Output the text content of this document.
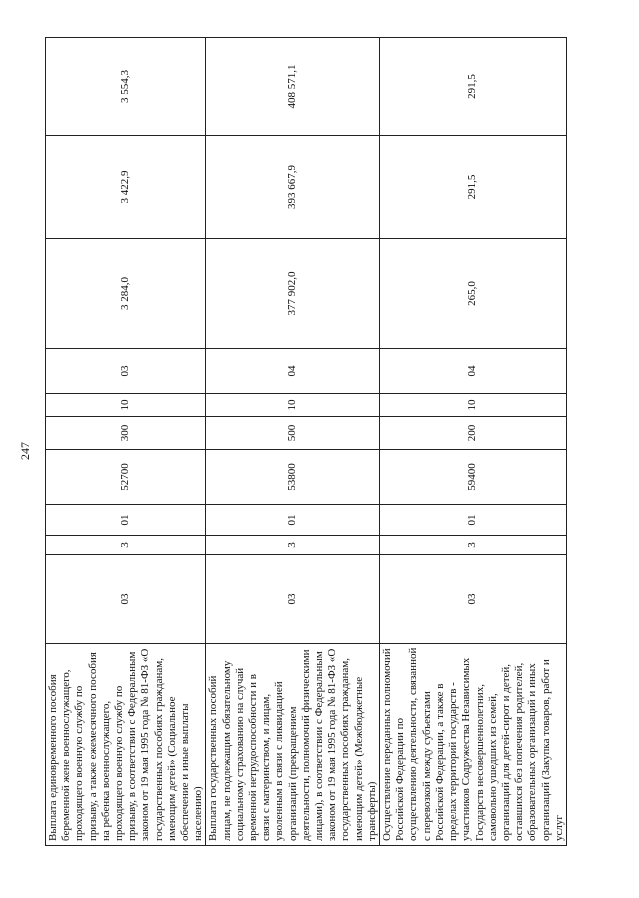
247
Выплата единовременного пособия беременной жене военнослужащего, проходящего военную службу по призыву, а также ежемесячного пособия на ребенка военнослужащего, проходящего военную службу по призыву, в соответствии с Федеральным законом от 19 мая 1995 года № 81-ФЗ «О государственных пособиях гражданам, имеющим детей» (Социальное обеспечение и иные выплаты населению)	03	3	01	52700	300	10	03	3 284,0	3 422,9	3 554,3
Выплата государственных пособий лицам, не подлежащим обязательному социальному страхованию на случай временной нетрудоспособности и в связи с материнством, и лицам, уволенным в связи с ликвидацией организаций (прекращением деятельности, полномочий физическими лицами), в соответствии с Федеральным законом от 19 мая 1995 года № 81-ФЗ «О государственных пособиях гражданам, имеющим детей» (Межбюджетные трансферты)	03	3	01	53800	500	10	04	377 902,0	393 667,9	408 571,1
Осуществление переданных полномочий Российской Федерации по осуществлению деятельности, связанной с перевозкой между субъектами Российской Федерации, а также в пределах территорий государств - участников Содружества Независимых Государств несовершеннолетних, самовольно ушедших из семей, организаций для детей-сирот и детей, оставшихся без попечения родителей, образовательных организаций и иных организаций (Закупка товаров, работ и услуг	03	3	01	59400	200	10	04	265,0	291,5	291,5
